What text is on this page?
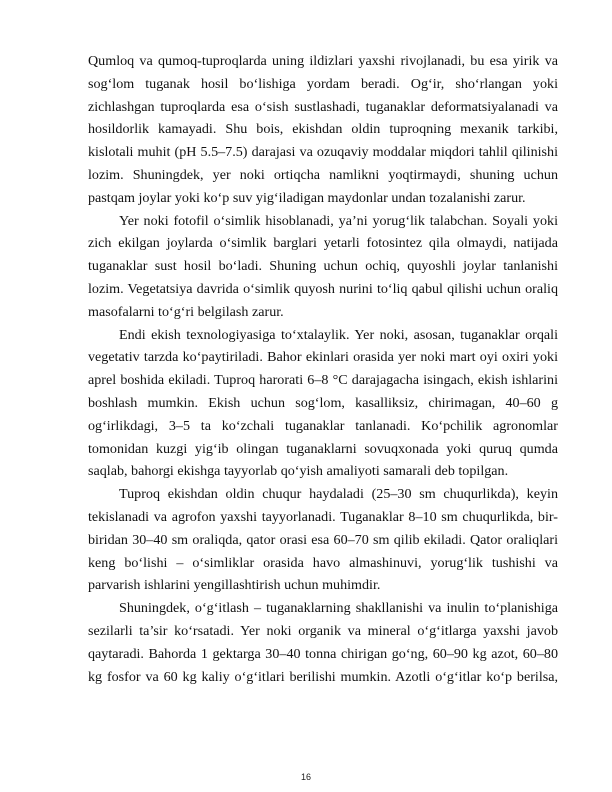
Qumloq va qumoq-tuproqlarda uning ildizlari yaxshi rivojlanadi, bu esa yirik va
sog‘lom tuganak hosil bo‘lishiga yordam beradi. Og‘ir, sho‘rlangan yoki
zichlashgan tuproqlarda esa o‘sish sustlashadi, tuganaklar deformatsiyalanadi va
hosildorlik kamayadi. Shu bois, ekishdan oldin tuproqning mexanik tarkibi,
kislotali muhit (pH 5.5–7.5) darajasi va ozuqaviy moddalar miqdori tahlil qilinishi
lozim. Shuningdek, yer noki ortiqcha namlikni yoqtirmaydi, shuning uchun
pastqam joylar yoki ko‘p suv yig‘iladigan maydonlar undan tozalanishi zarur.
Yer noki fotofil o‘simlik hisoblanadi, ya’ni yorug‘lik talabchan. Soyali yoki
zich ekilgan joylarda o‘simlik barglari yetarli fotosintez qila olmaydi, natijada
tuganaklar sust hosil bo‘ladi. Shuning uchun ochiq, quyoshli joylar tanlanishi
lozim. Vegetatsiya davrida o‘simlik quyosh nurini to‘liq qabul qilishi uchun oraliq
masofalarni to‘g‘ri belgilash zarur.
Endi ekish texnologiyasiga to‘xtalaylik. Yer noki, asosan, tuganaklar orqali
vegetativ tarzda ko‘paytiriladi. Bahor ekinlari orasida yer noki mart oyi oxiri yoki
aprel boshida ekiladi. Tuproq harorati 6–8 °C darajagacha isingach, ekish ishlarini
boshlash mumkin. Ekish uchun sog‘lom, kasalliksiz, chirimagan, 40–60 g
og‘irlikdagi, 3–5 ta ko‘zchali tuganaklar tanlanadi. Ko‘pchilik agronomlar
tomonidan kuzgi yig‘ib olingan tuganaklarni sovuqxonada yoki quruq qumda
saqlab, bahorgi ekishga tayyorlab qo‘yish amaliyoti samarali deb topilgan.
Tuproq ekishdan oldin chuqur haydaladi (25–30 sm chuqurlikda), keyin
tekislanadi va agrofon yaxshi tayyorlanadi. Tuganaklar 8–10 sm chuqurlikda, bir-
biridan 30–40 sm oraliqda, qator orasi esa 60–70 sm qilib ekiladi. Qator oraliqlari
keng bo‘lishi – o‘simliklar orasida havo almashinuvi, yorug‘lik tushishi va
parvarish ishlarini yengillashtirish uchun muhimdir.
Shuningdek, o‘g‘itlash – tuganaklarning shakllanishi va inulin to‘planishiga
sezilarli ta’sir ko‘rsatadi. Yer noki organik va mineral o‘g‘itlarga yaxshi javob
qaytaradi. Bahorda 1 gektarga 30–40 tonna chirigan go‘ng, 60–90 kg azot, 60–80
kg fosfor va 60 kg kaliy o‘g‘itlari berilishi mumkin. Azotli o‘g‘itlar ko‘p berilsa,
16
